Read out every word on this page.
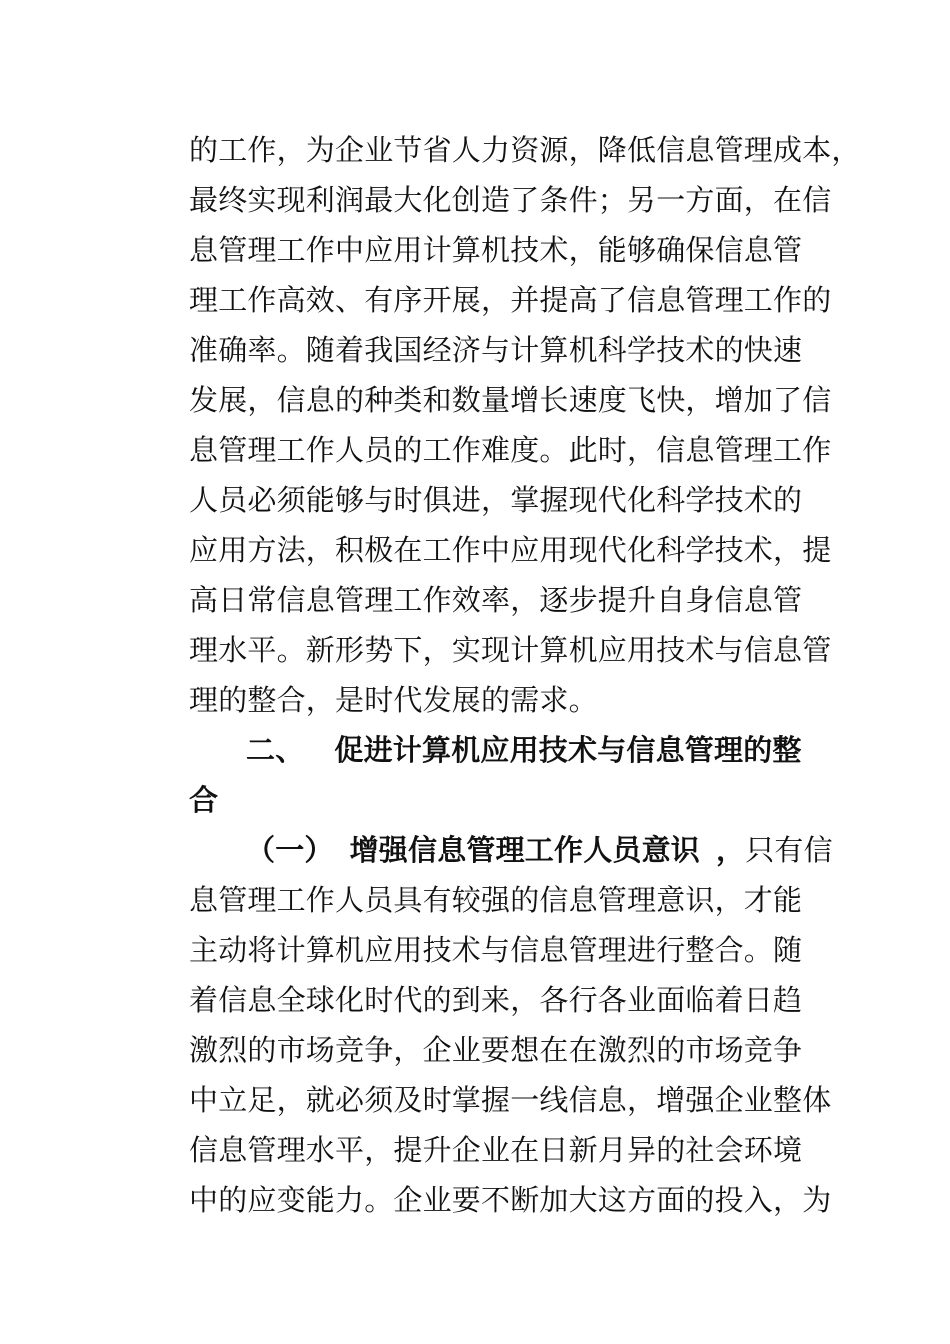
的工作，为企业节省人力资源，降低信息管理成本，
最终实现利润最大化创造了条件；另一方面，在信
息管理工作中应用计算机技术，能够确保信息管
理工作高效、有序开展，并提高了信息管理工作的
准确率。随着我国经济与计算机科学技术的快速
发展，信息的种类和数量增长速度飞快，增加了信
息管理工作人员的工作难度。此时，信息管理工作
人员必须能够与时俱进，掌握现代化科学技术的
应用方法，积极在工作中应用现代化科学技术，提
高日常信息管理工作效率，逐步提升自身信息管
理水平。新形势下，实现计算机应用技术与信息管
理的整合，是时代发展的需求。
二、 促进计算机应用技术与信息管理的整
合
（一） 增强信息管理工作人员意识 ，只有信
息管理工作人员具有较强的信息管理意识，才能
主动将计算机应用技术与信息管理进行整合。随
着信息全球化时代的到来，各行各业面临着日趋
激烈的市场竞争，企业要想在在激烈的市场竞争
中立足，就必须及时掌握一线信息，增强企业整体
信息管理水平，提升企业在日新月异的社会环境
中的应变能力。企业要不断加大这方面的投入，为
